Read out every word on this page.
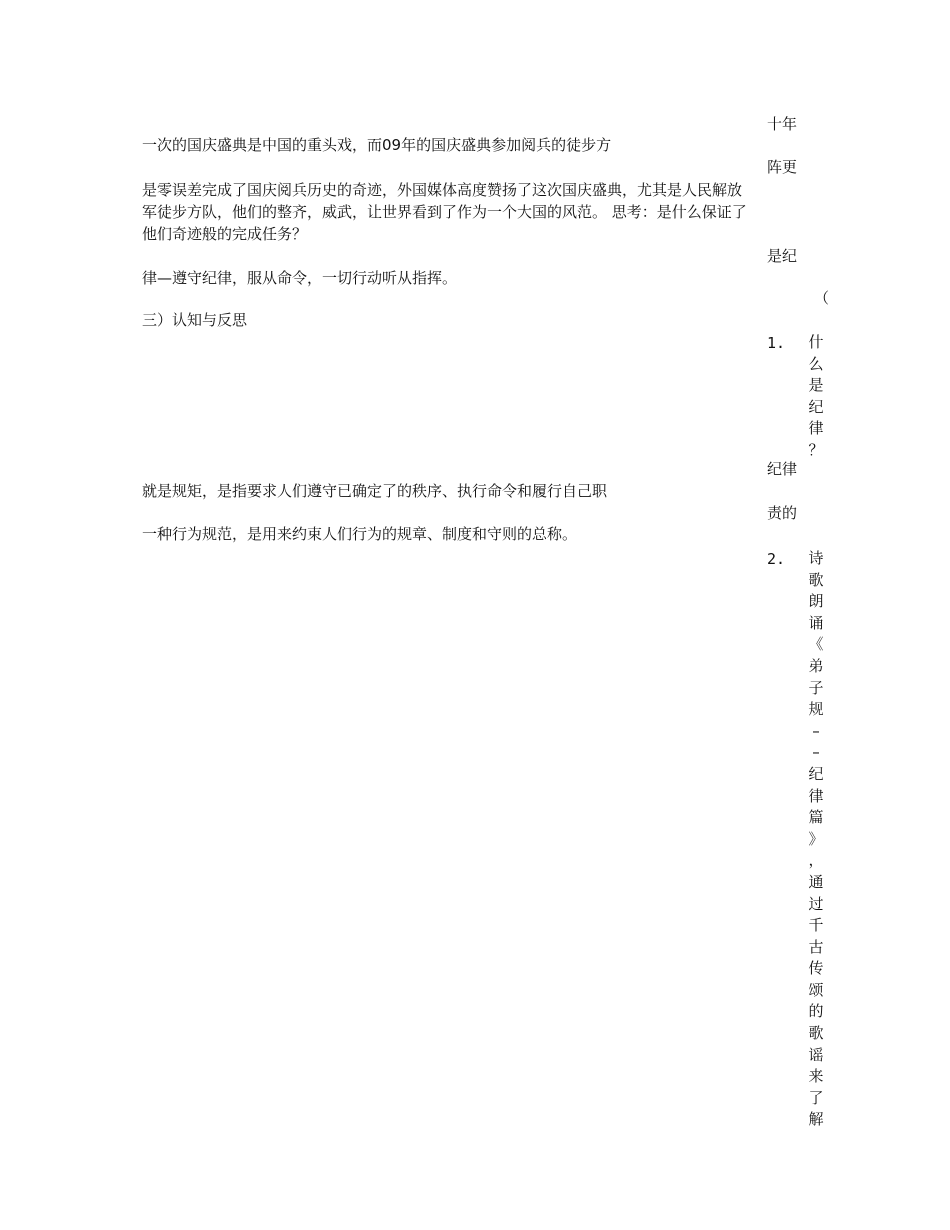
十年
一次的国庆盛典是中国的重头戏，而09年的国庆盛典参加阅兵的徒步方
阵更
是零误差完成了国庆阅兵历史的奇迹，外国媒体高度赞扬了这次国庆盛典，尤其是人民解放
军徒步方队，他们的整齐，威武，让世界看到了作为一个大国的风范。 思考：是什么保证了
他们奇迹般的完成任务？
是纪
律—遵守纪律，服从命令，一切行动听从指挥。
（
三）认知与反思
1. 什
么
是
纪
律
？
纪律
就是规矩，是指要求人们遵守已确定了的秩序、执行命令和履行自己职
责的
一种行为规范，是用来约束人们行为的规章、制度和守则的总称。
2. 诗
歌
朗
诵
《
弟
子
规
–
–
纪
律
篇
》
，
通
过
千
古
传
颂
的
歌
谣
来
了
解
